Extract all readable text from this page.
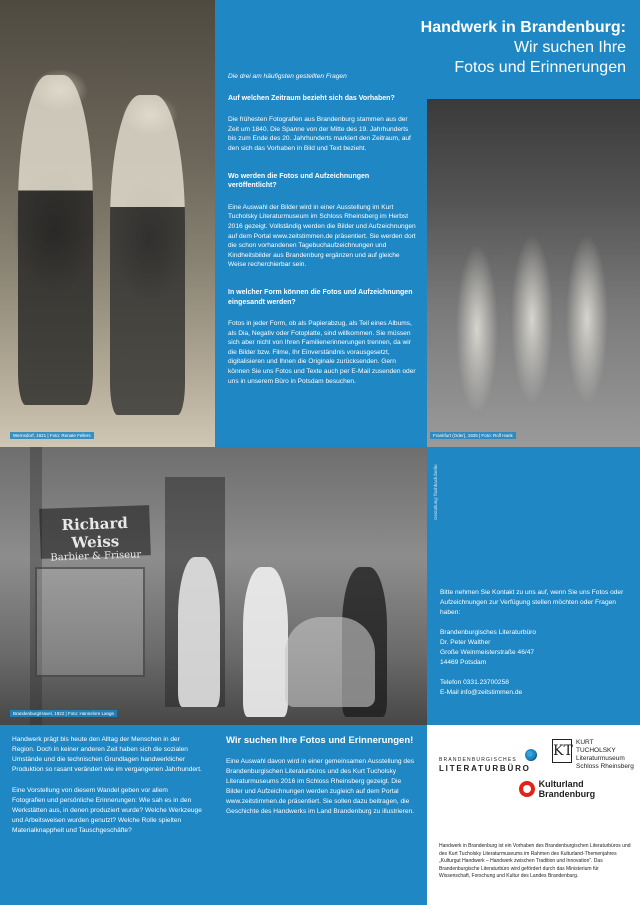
Wernsdorf, 1921 | Foto: Renate Fellers	Frankfurt (Oder), 1925 | Foto: Rolf Hank
Richard Weiss
Barbier & Friseur
Brandenburg/Havel, 1922 | Foto: Hannelore Lange
Gestaltung: flashback.berlin
Handwerk in Brandenburg:
Wir suchen Ihre
Fotos und Erinnerungen
Die drei am häufigsten gestellten Fragen
Auf welchen Zeitraum bezieht sich das Vorhaben?

Die frühesten Fotografien aus Brandenburg stammen aus der Zeit um 1840. Die Spanne von der Mitte des 19. Jahrhunderts bis zum Ende des 20. Jahrhunderts markiert den Zeitraum, auf den sich das Vorhaben in Bild und Text bezieht.

Wo werden die Fotos und Aufzeichnungen veröffentlicht?

Eine Auswahl der Bilder wird in einer Ausstellung im Kurt Tucholsky Literaturmuseum im Schloss Rheinsberg im Herbst 2016 gezeigt. Vollständig werden die Bilder und Aufzeichnungen auf dem Portal www.zeitstimmen.de präsentiert. Sie werden dort die schon vorhandenen Tagebuchaufzeichnungen und Kindheitsbilder aus Brandenburg ergänzen und auf gleiche Weise recherchierbar sein.

In welcher Form können die Fotos und Aufzeichnungen eingesandt werden?

Fotos in jeder Form, ob als Papierabzug, als Teil eines Albums, als Dia, Negativ oder Fotoplatte, sind willkommen. Sie müssen sich aber nicht von Ihren Familienerinnerungen trennen, da wir die Bilder bzw. Filme, Ihr Einverständnis vorausgesetzt, digitalisieren und Ihnen die Originale zurücksenden. Gern können Sie uns Fotos und Texte auch per E-Mail zusenden oder uns in unserem Büro in Potsdam besuchen.

Bitte nehmen Sie Kontakt zu uns auf, wenn Sie uns Fotos oder Aufzeichnungen zur Verfügung stellen möchten oder Fragen haben:

Brandenburgisches Literaturbüro
Dr. Peter Walther
Große Weinmeisterstraße 46/47
14469 Potsdam

Telefon 0331.23700258
E-Mail info@zeitstimmen.de

Handwerk prägt bis heute den Alltag der Menschen in der Region. Doch in keiner anderen Zeit haben sich die sozialen Umstände und die technischen Grundlagen handwerklicher Produktion so rasant verändert wie im vergangenen Jahrhundert.

Eine Vorstellung von diesem Wandel geben vor allem Fotografien und persönliche Erinnerungen: Wie sah es in den Werkstätten aus, in denen produziert wurde? Welche Werkzeuge und Arbeitsweisen wurden genutzt? Welche Rolle spielten Materialknappheit und Tauschgeschäfte?

Wir suchen Ihre Fotos und Erinnerungen!

Eine Auswahl davon wird in einer gemeinsamen Ausstellung des Brandenburgischen Literaturbüros und des Kurt Tucholsky Literaturmuseums 2016 im Schloss Rheinsberg gezeigt. Die Bilder und Aufzeichnungen werden zugleich auf dem Portal www.zeitstimmen.de präsentiert. Sie sollen dazu beitragen, die Geschichte des Handwerks im Land Brandenburg zu illustrieren.

BRANDENBURGISCHES
LITERATURBÜRO
KT
KURT TUCHOLSKY
Literaturmuseum
Schloss Rheinsberg
Kulturland Brandenburg
Handwerk in Brandenburg ist ein Vorhaben des Brandenburgischen Literaturbüros und des Kurt Tucholsky Literaturmuseums im Rahmen des Kulturland-Themenjahres „Kulturgut Handwerk – Handwerk zwischen Tradition und Innovation“. Das Brandenburgische Literaturbüro wird gefördert durch das Ministerium für Wissenschaft, Forschung und Kultur des Landes Brandenburg.
